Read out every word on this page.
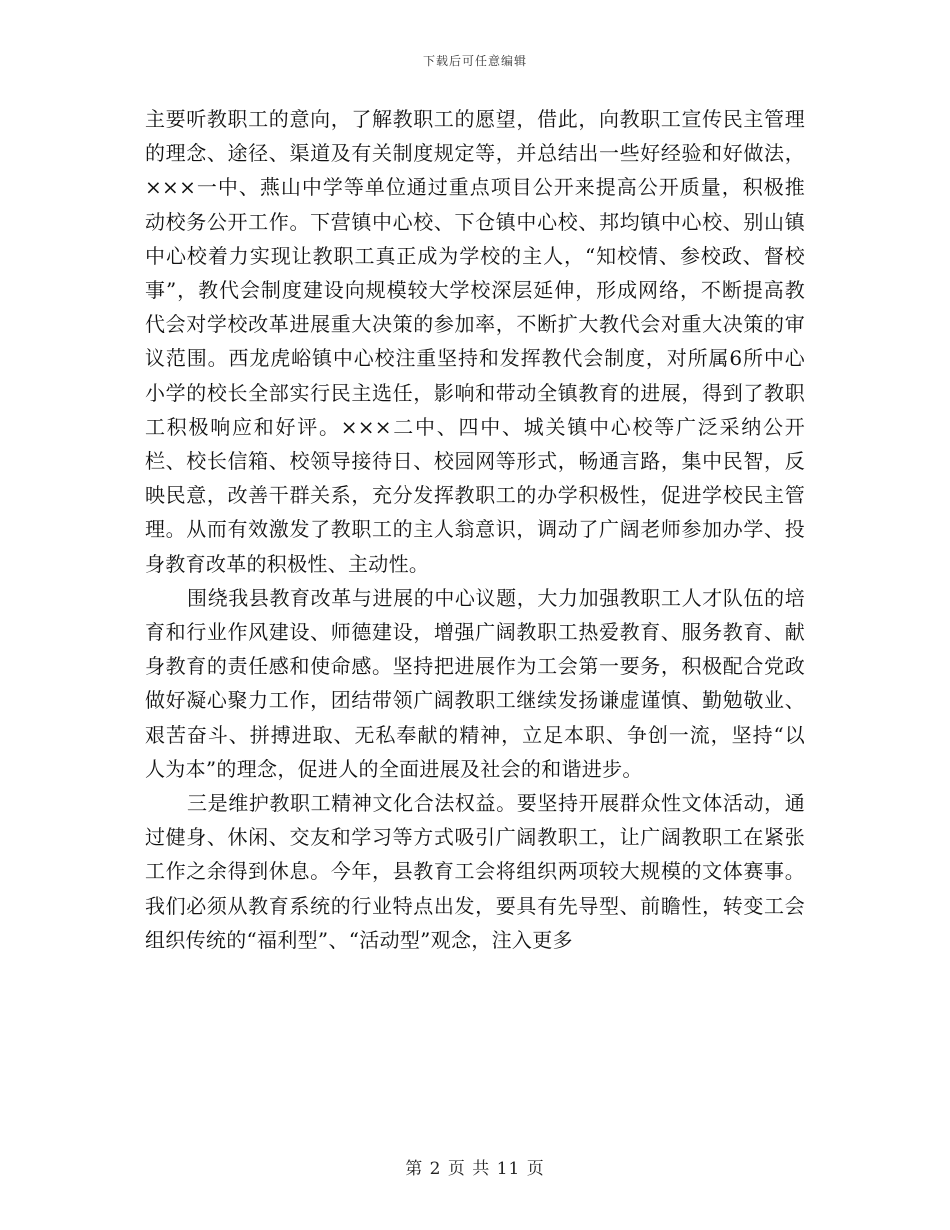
下载后可任意编辑

主要听教职工的意向，了解教职工的愿望，借此，向教职工宣传民主管理的理念、途径、渠道及有关制度规定等，并总结出一些好经验和好做法，×××一中、燕山中学等单位通过重点项目公开来提高公开质量，积极推动校务公开工作。下营镇中心校、下仓镇中心校、邦均镇中心校、别山镇中心校着力实现让教职工真正成为学校的主人，“知校情、参校政、督校事”，教代会制度建设向规模较大学校深层延伸，形成网络，不断提高教代会对学校改革进展重大决策的参加率，不断扩大教代会对重大决策的审议范围。西龙虎峪镇中心校注重坚持和发挥教代会制度，对所属6所中心小学的校长全部实行民主选任，影响和带动全镇教育的进展，得到了教职工积极响应和好评。×××二中、四中、城关镇中心校等广泛采纳公开栏、校长信箱、校领导接待日、校园网等形式，畅通言路，集中民智，反映民意，改善干群关系，充分发挥教职工的办学积极性，促进学校民主管理。从而有效激发了教职工的主人翁意识，调动了广阔老师参加办学、投身教育改革的积极性、主动性。

围绕我县教育改革与进展的中心议题，大力加强教职工人才队伍的培育和行业作风建设、师德建设，增强广阔教职工热爱教育、服务教育、献身教育的责任感和使命感。坚持把进展作为工会第一要务，积极配合党政做好凝心聚力工作，团结带领广阔教职工继续发扬谦虚谨慎、勤勉敬业、艰苦奋斗、拼搏进取、无私奉献的精神，立足本职、争创一流，坚持“以人为本”的理念，促进人的全面进展及社会的和谐进步。

三是维护教职工精神文化合法权益。要坚持开展群众性文体活动，通过健身、休闲、交友和学习等方式吸引广阔教职工，让广阔教职工在紧张工作之余得到休息。今年，县教育工会将组织两项较大规模的文体赛事。我们必须从教育系统的行业特点出发，要具有先导型、前瞻性，转变工会组织传统的“福利型”、“活动型”观念，注入更多

第 2 页 共 11 页
